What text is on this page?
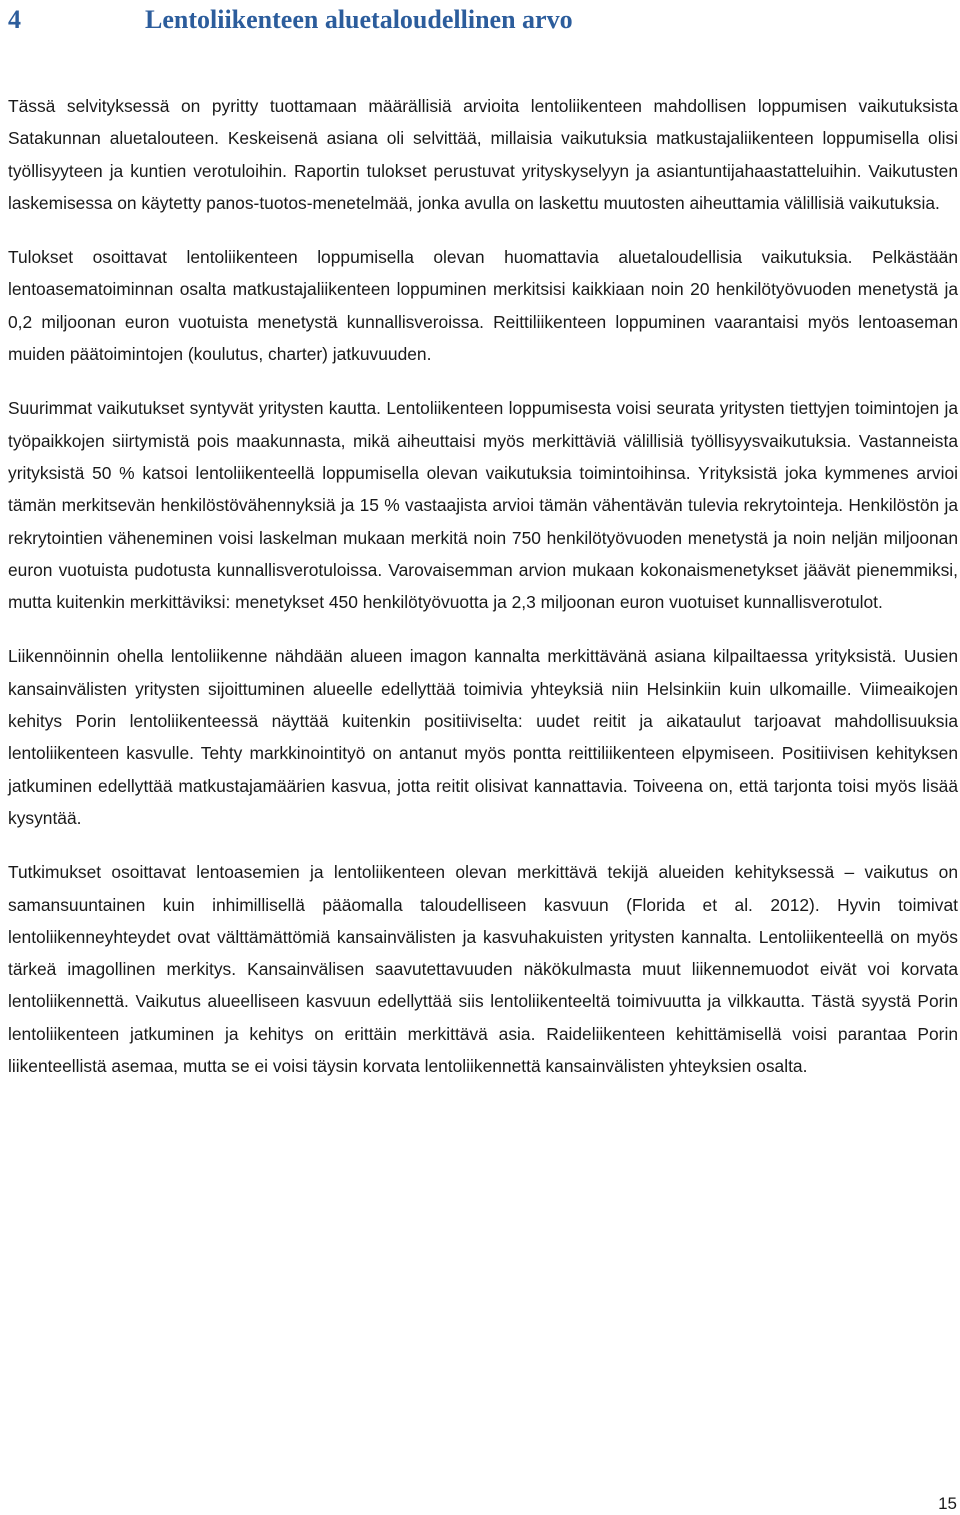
4	Lentoliikenteen aluetaloudellinen arvo

Tässä selvityksessä on pyritty tuottamaan määrällisiä arvioita lentoliikenteen mahdollisen loppumisen vaikutuksista Satakunnan aluetalouteen. Keskeisenä asiana oli selvittää, millaisia vaikutuksia matkustajaliikenteen loppumisella olisi työllisyyteen ja kuntien verotuloihin. Raportin tulokset perustuvat yrityskyselyyn ja asiantuntijahaastatteluihin. Vaikutusten laskemisessa on käytetty panos-tuotos-menetelmää, jonka avulla on laskettu muutosten aiheuttamia välillisiä vaikutuksia.

Tulokset osoittavat lentoliikenteen loppumisella olevan huomattavia aluetaloudellisia vaikutuksia. Pelkästään lentoasematoiminnan osalta matkustajaliikenteen loppuminen merkitsisi kaikkiaan noin 20 henkilötyövuoden menetystä ja 0,2 miljoonan euron vuotuista menetystä kunnallisveroissa. Reittiliikenteen loppuminen vaarantaisi myös lentoaseman muiden päätoimintojen (koulutus, charter) jatkuvuuden.

Suurimmat vaikutukset syntyvät yritysten kautta. Lentoliikenteen loppumisesta voisi seurata yritysten tiettyjen toimintojen ja työpaikkojen siirtymistä pois maakunnasta, mikä aiheuttaisi myös merkittäviä välillisiä työllisyysvaikutuksia. Vastanneista yrityksistä 50 % katsoi lentoliikenteellä loppumisella olevan vaikutuksia toimintoihinsa. Yrityksistä joka kymmenes arvioi tämän merkitsevän henkilöstövähennyksiä ja 15 % vastaajista arvioi tämän vähentävän tulevia rekrytointeja. Henkilöstön ja rekrytointien väheneminen voisi laskelman mukaan merkitä noin 750 henkilötyövuoden menetystä ja noin neljän miljoonan euron vuotuista pudotusta kunnallisverotuloissa. Varovaisemman arvion mukaan kokonaismenetykset jäävät pienemmiksi, mutta kuitenkin merkittäviksi: menetykset 450 henkilötyövuotta ja 2,3 miljoonan euron vuotuiset kunnallisverotulot.

Liikennöinnin ohella lentoliikenne nähdään alueen imagon kannalta merkittävänä asiana kilpailtaessa yrityksistä. Uusien kansainvälisten yritysten sijoittuminen alueelle edellyttää toimivia yhteyksiä niin Helsinkiin kuin ulkomaille. Viimeaikojen kehitys Porin lentoliikenteessä näyttää kuitenkin positiiviselta: uudet reitit ja aikataulut tarjoavat mahdollisuuksia lentoliikenteen kasvulle. Tehty markkinointityö on antanut myös pontta reittiliikenteen elpymiseen. Positiivisen kehityksen jatkuminen edellyttää matkustajamäärien kasvua, jotta reitit olisivat kannattavia. Toiveena on, että tarjonta toisi myös lisää kysyntää.

Tutkimukset osoittavat lentoasemien ja lentoliikenteen olevan merkittävä tekijä alueiden kehityksessä – vaikutus on samansuuntainen kuin inhimillisellä pääomalla taloudelliseen kasvuun (Florida et al. 2012). Hyvin toimivat lentoliikenneyhteydet ovat välttämättömiä kansainvälisten ja kasvuhakuisten yritysten kannalta. Lentoliikenteellä on myös tärkeä imagollinen merkitys. Kansainvälisen saavutettavuuden näkökulmasta muut liikennemuodot eivät voi korvata lentoliikennettä. Vaikutus alueelliseen kasvuun edellyttää siis lentoliikenteeltä toimivuutta ja vilkkautta. Tästä syystä Porin lentoliikenteen jatkuminen ja kehitys on erittäin merkittävä asia. Raideliikenteen kehittämisellä voisi parantaa Porin liikenteellistä asemaa, mutta se ei voisi täysin korvata lentoliikennettä kansainvälisten yhteyksien osalta.

15
